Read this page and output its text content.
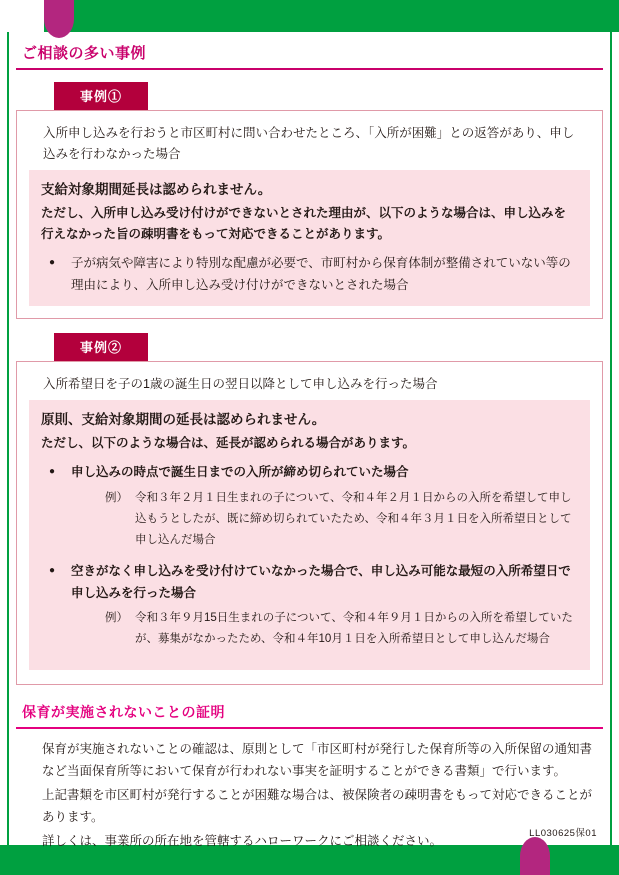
ご相談の多い事例
事例①
入所申し込みを行おうと市区町村に問い合わせたところ、「入所が困難」との返答があり、申し込みを行わなかった場合
支給対象期間延長は認められません。
ただし、入所申し込み受け付けができないとされた理由が、以下のような場合は、申し込みを行えなかった旨の疎明書をもって対応できることがあります。
● 子が病気や障害により特別な配慮が必要で、市町村から保育体制が整備されていない等の理由により、入所申し込み受け付けができないとされた場合
事例②
入所希望日を子の1歳の誕生日の翌日以降として申し込みを行った場合
原則、支給対象期間の延長は認められません。
ただし、以下のような場合は、延長が認められる場合があります。
● 申し込みの時点で誕生日までの入所が締め切られていた場合
例） 令和３年２月１日生まれの子について、令和４年２月１日からの入所を希望して申し込もうとしたが、既に締め切られていたため、令和４年３月１日を入所希望日として申し込んだ場合
● 空きがなく申し込みを受け付けていなかった場合で、申し込み可能な最短の入所希望日で申し込みを行った場合
例） 令和３年９月15日生まれの子について、令和４年９月１日からの入所を希望していたが、募集がなかったため、令和４年10月１日を入所希望日として申し込んだ場合
保育が実施されないことの証明

保育が実施されないことの確認は、原則として「市区町村が発行した保育所等の入所保留の通知書など当面保育所等において保育が行われない事実を証明することができる書類」で行います。

上記書類を市区町村が発行することが困難な場合は、被保険者の疎明書をもって対応できることがあります。

詳しくは、事業所の所在地を管轄するハローワークにご相談ください。

LL030625保01
